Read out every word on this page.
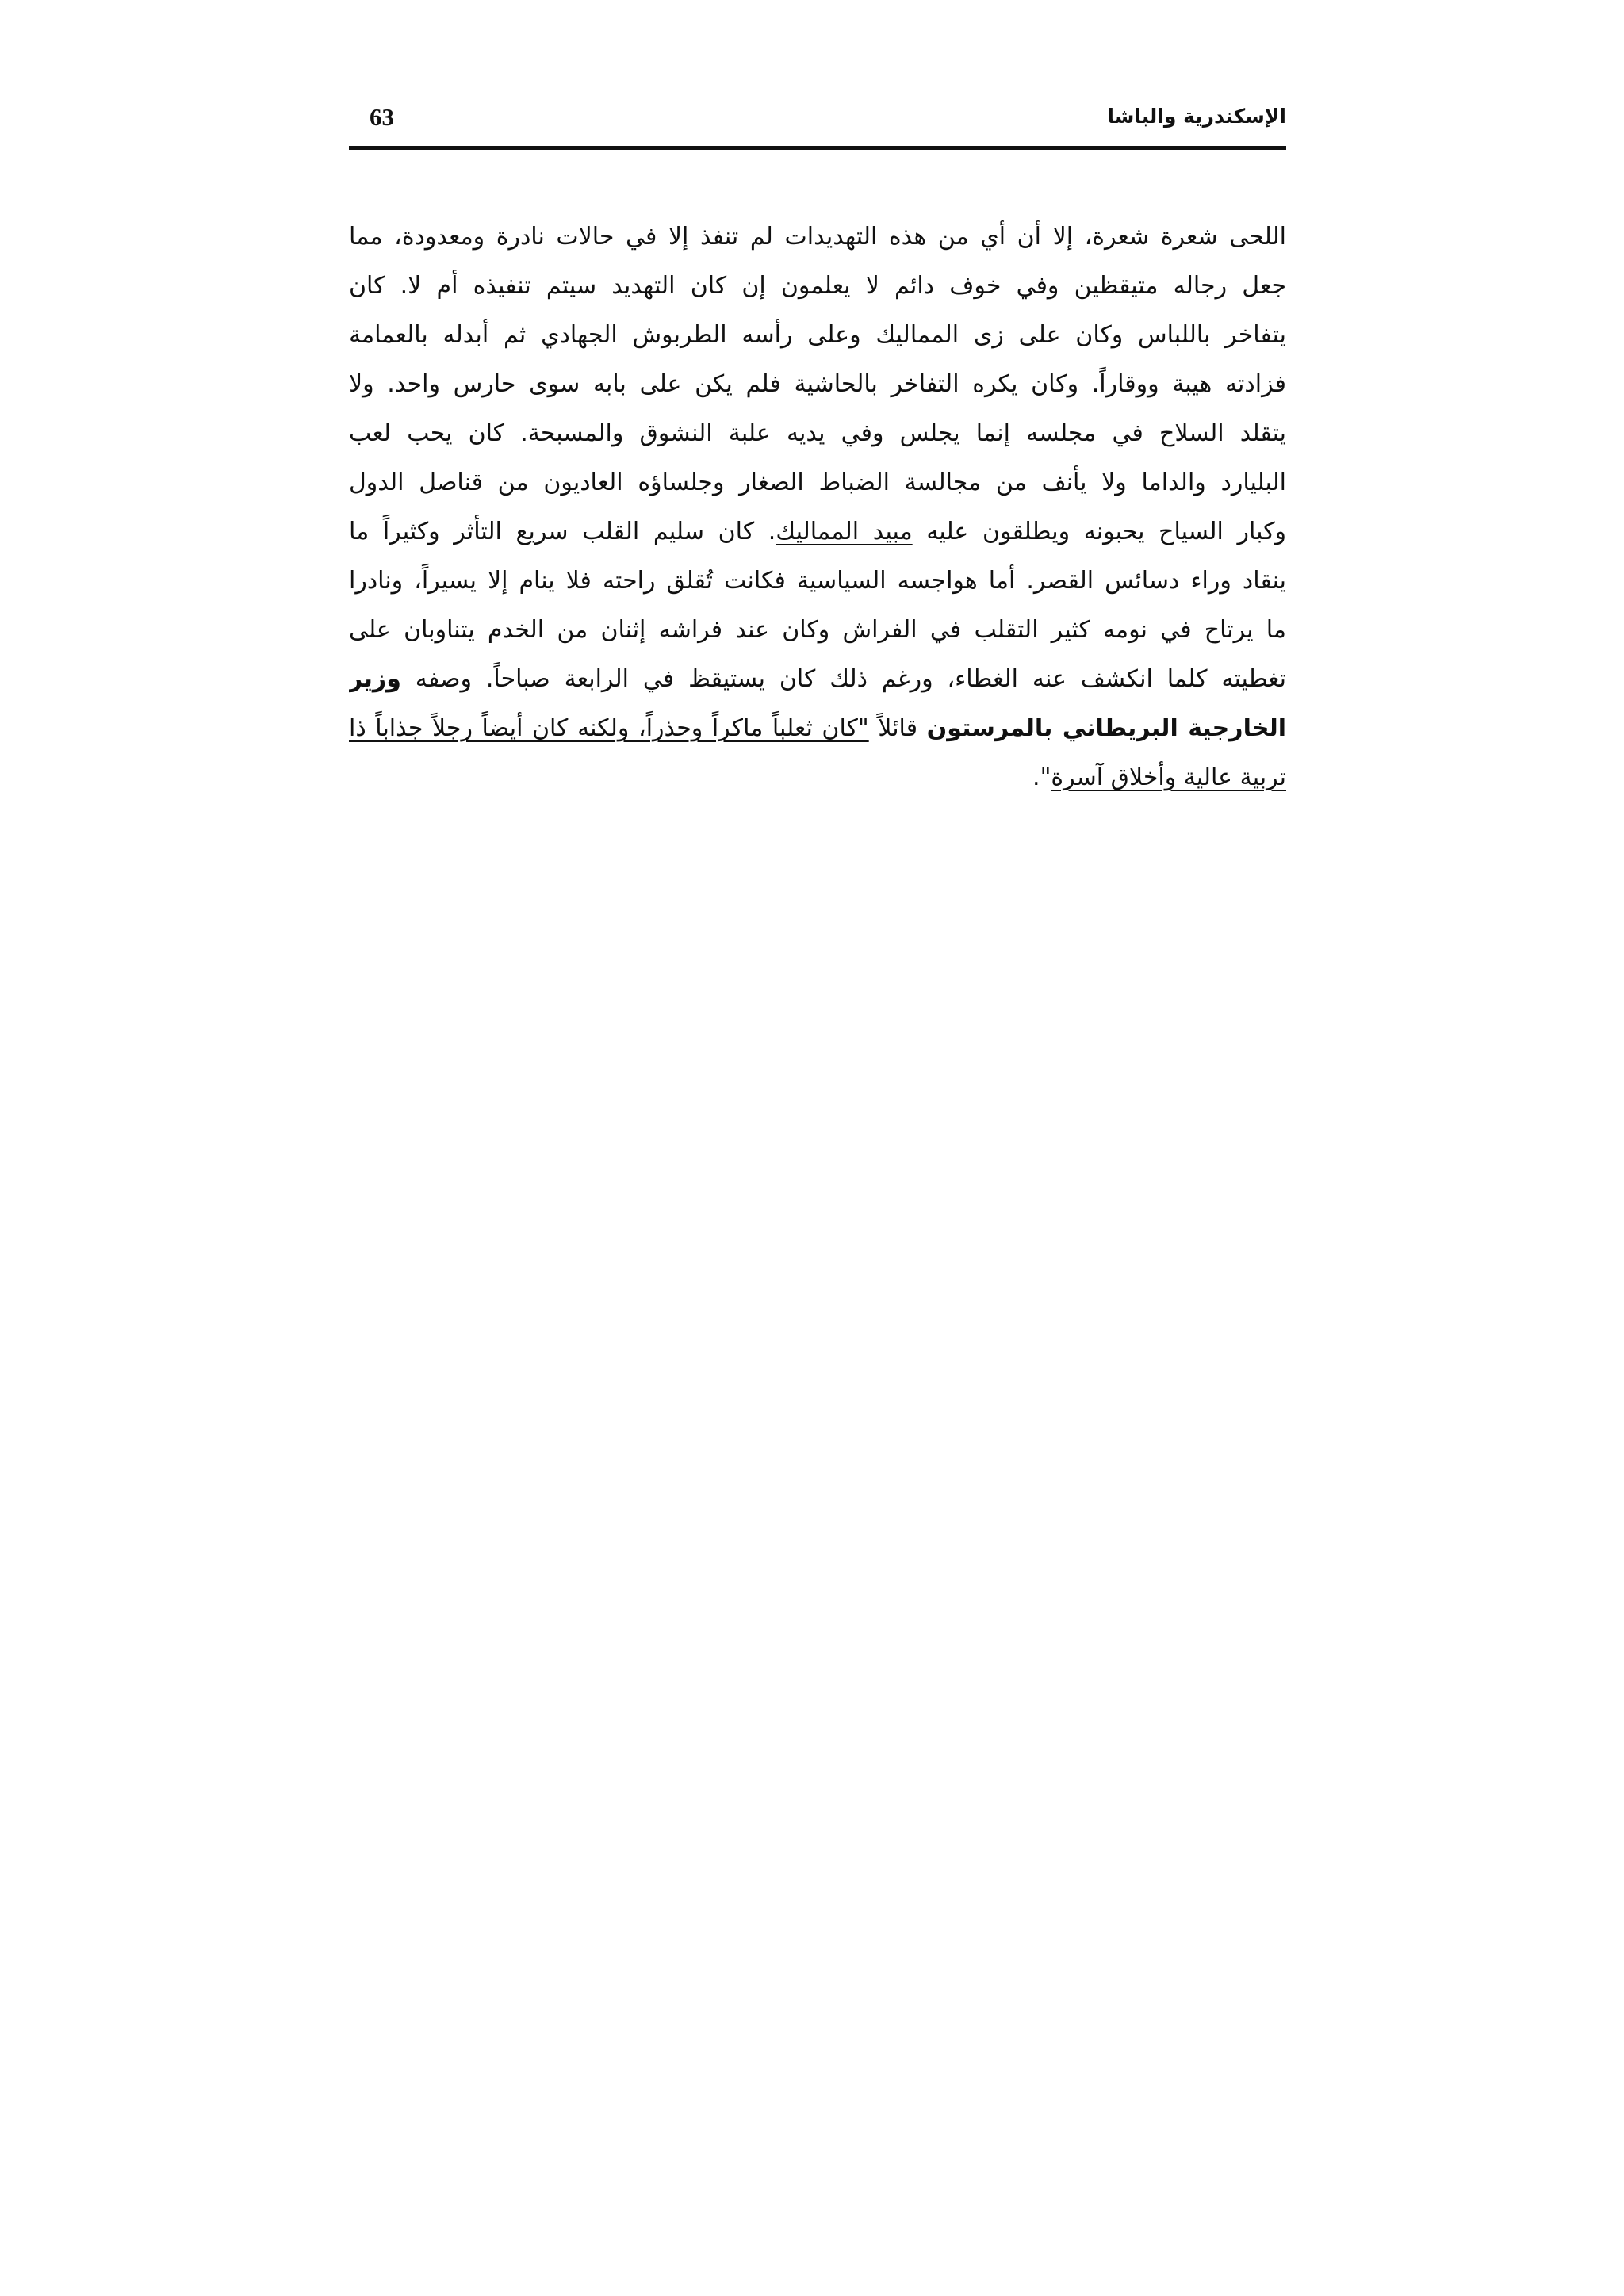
63	الإسكندرية والباشا
اللحى شعرة شعرة، إلا أن أي من هذه التهديدات لم تنفذ إلا في حالات نادرة ومعدودة، مما
جعل رجاله متيقظين وفي خوف دائم لا يعلمون إن كان التهديد سيتم تنفيذه أم لا. كان
يتفاخر باللباس وكان على زى المماليك وعلى رأسه الطربوش الجهادي ثم أبدله بالعمامة
فزادته هيبة ووقاراً. وكان يكره التفاخر بالحاشية فلم يكن على بابه سوى حارس واحد. ولا
يتقلد السلاح في مجلسه إنما يجلس وفي يديه علبة النشوق والمسبحة. كان يحب لعب
البليارد والداما ولا يأنف من مجالسة الضباط الصغار وجلساؤه العاديون من قناصل الدول
وكبار السياح يحبونه ويطلقون عليه مبيد المماليك. كان سليم القلب سريع التأثر وكثيراً ما
ينقاد وراء دسائس القصر. أما هواجسه السياسية فكانت تُقلق راحته فلا ينام إلا يسيراً، ونادرا
ما يرتاح في نومه كثير التقلب في الفراش وكان عند فراشه إثنان من الخدم يتناوبان على
تغطيته كلما انكشف عنه الغطاء، ورغم ذلك كان يستيقظ في الرابعة صباحاً. وصفه وزير
الخارجية البريطاني بالمرستون قائلاً "كان ثعلباً ماكراً وحذراً، ولكنه كان أيضاً رجلاً جذاباً ذا
تربية عالية وأخلاق آسرة".
